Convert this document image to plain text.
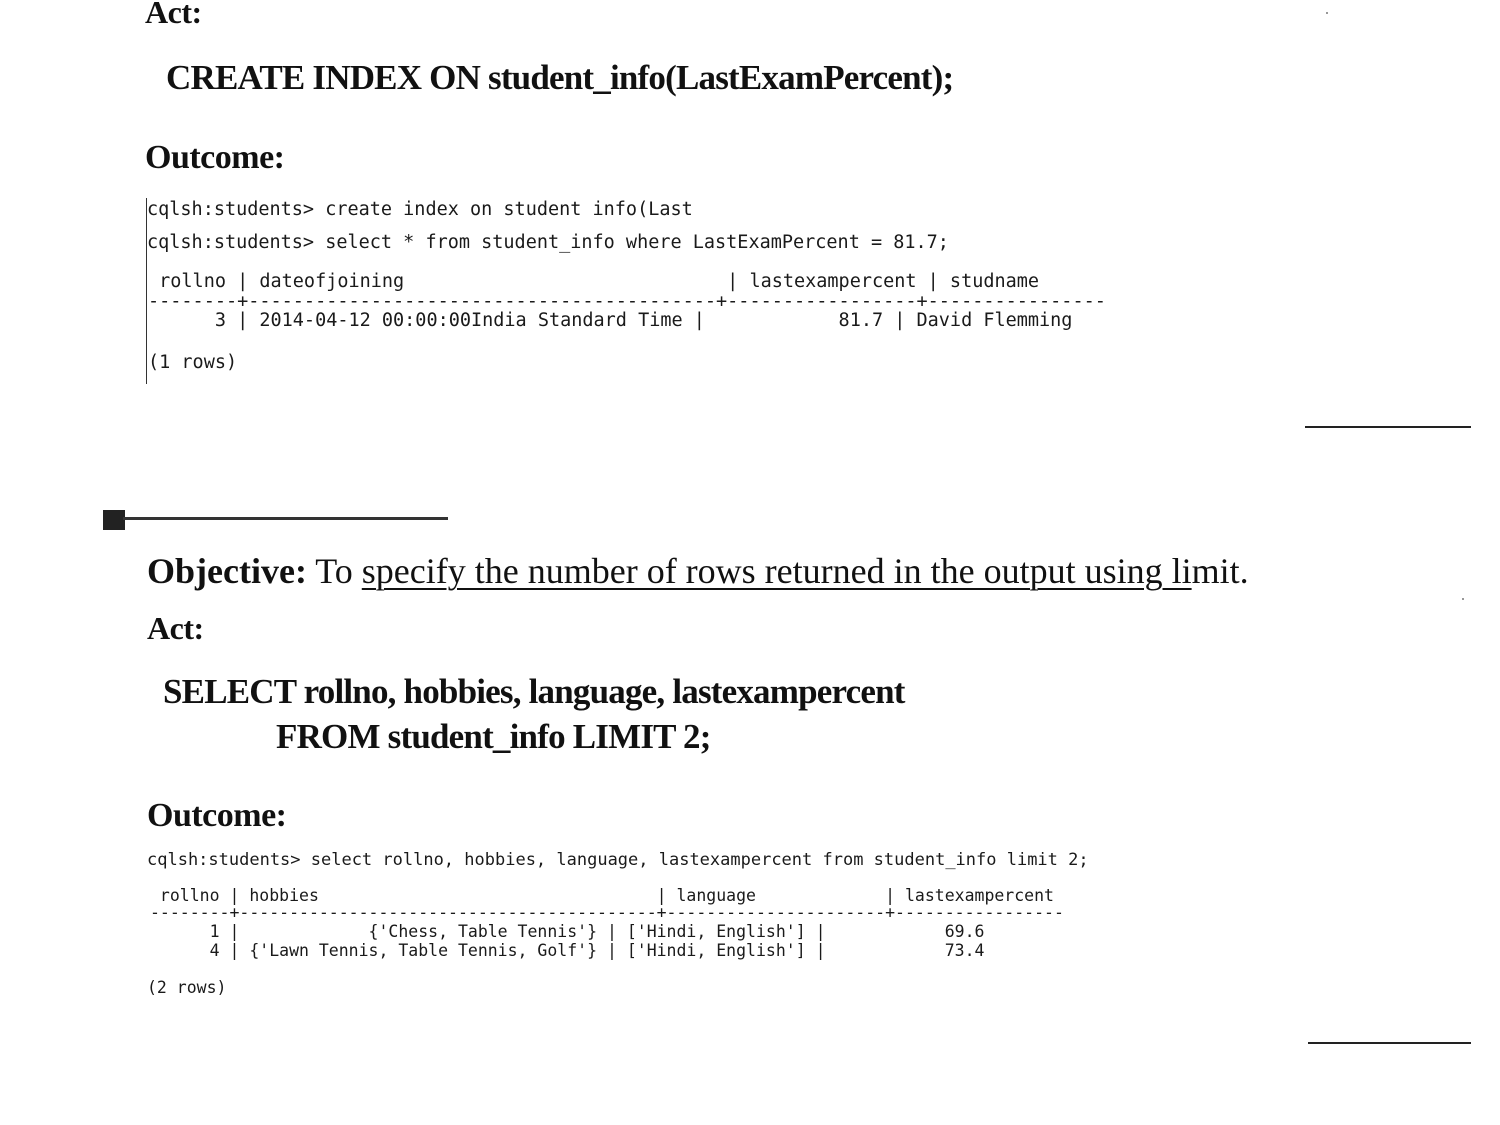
Act:
CREATE INDEX ON student_info(LastExamPercent);
Outcome:
cqlsh:students> create index on student info(Last
cqlsh:students> select * from student_info where LastExamPercent = 81.7;
rollno | dateofjoining                             | lastexampercent | studname
--------+------------------------------------------+-----------------+----------------
3 | 2014-04-12 00:00:00India Standard Time |            81.7 | David Flemming
(1 rows)
Objective: To specify the number of rows returned in the output using limit.
Act:
SELECT rollno, hobbies, language, lastexampercent
FROM student_info LIMIT 2;
Outcome:
cqlsh:students> select rollno, hobbies, language, lastexampercent from student_info limit 2;
rollno | hobbies                                  | language             | lastexampercent
--------+------------------------------------------+----------------------+-----------------
1 |             {'Chess, Table Tennis'} | ['Hindi, English'] |            69.6
4 | {'Lawn Tennis, Table Tennis, Golf'} | ['Hindi, English'] |            73.4
(2 rows)
